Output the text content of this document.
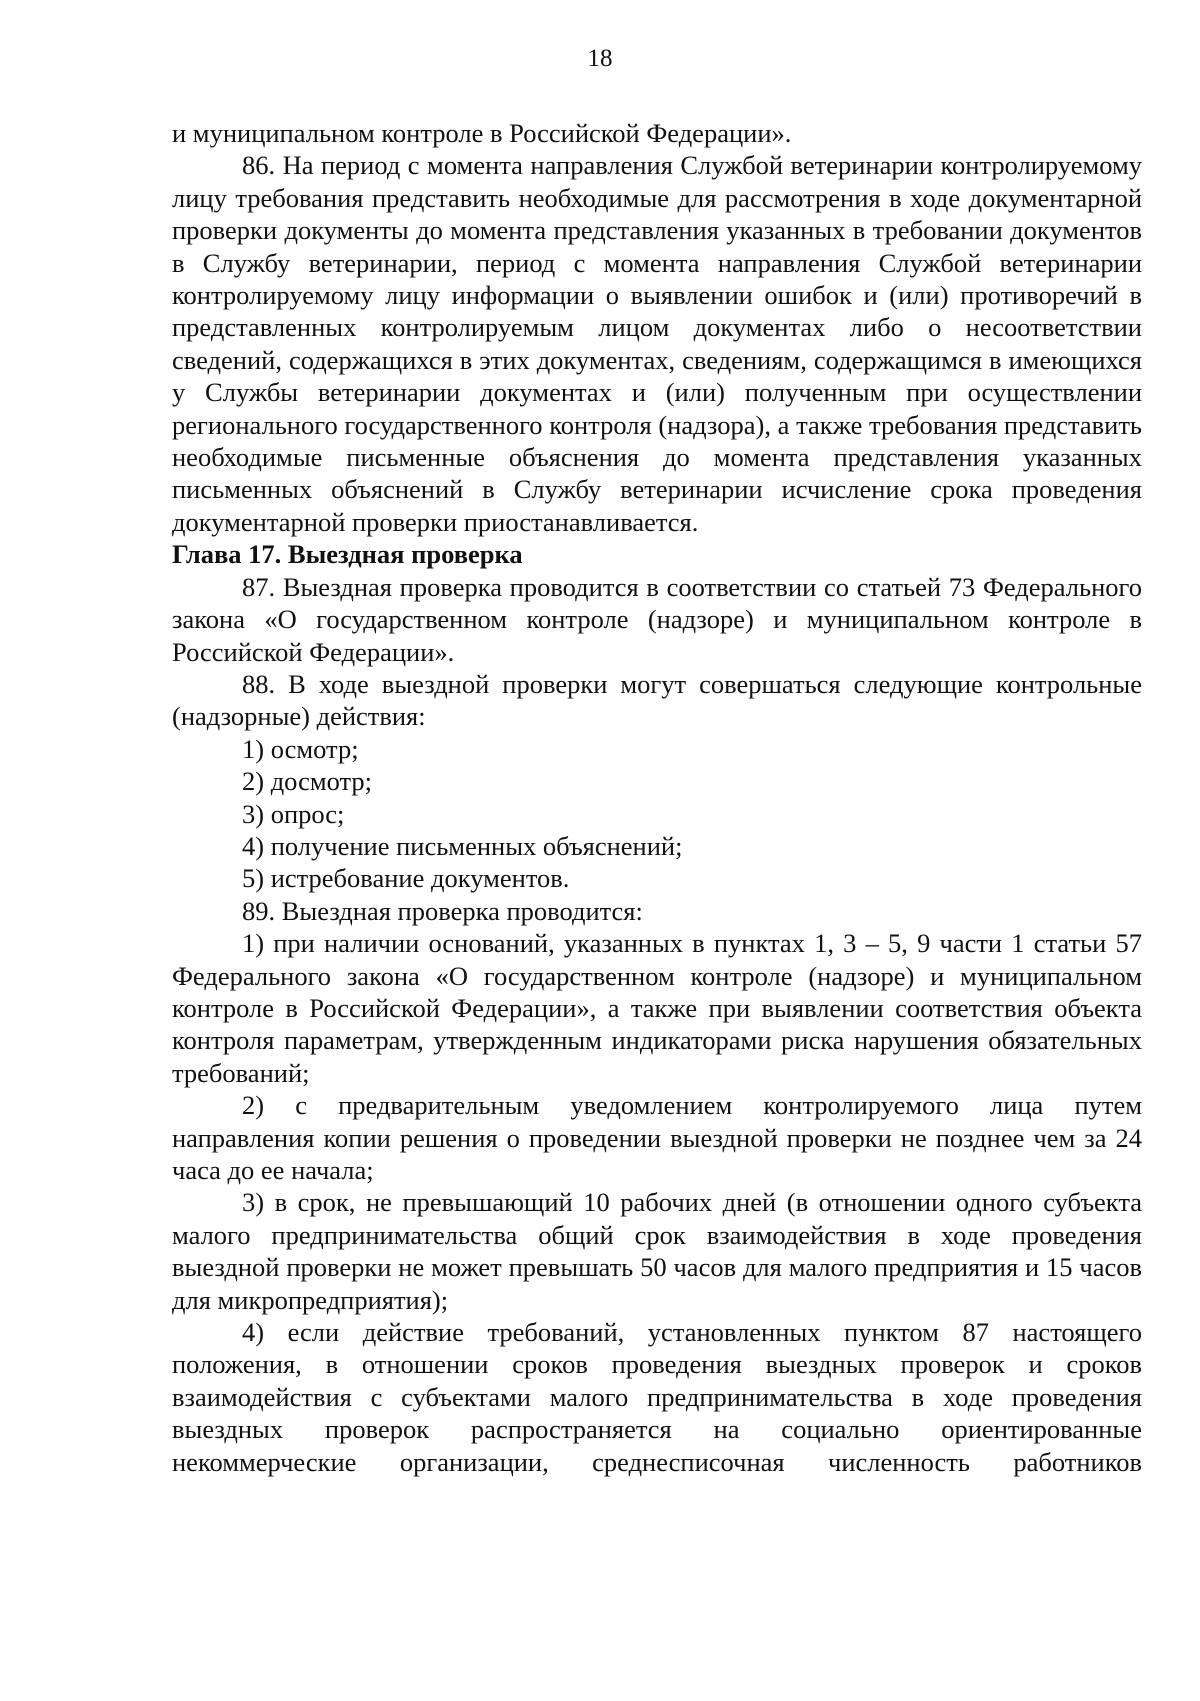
18

и муниципальном контроле в Российской Федерации».

86. На период с момента направления Службой ветеринарии контролируемому лицу требования представить необходимые для рассмотрения в ходе документарной проверки документы до момента представления указанных в требовании документов в Службу ветеринарии, период с момента направления Службой ветеринарии контролируемому лицу информации о выявлении ошибок и (или) противоречий в представленных контролируемым лицом документах либо о несоответствии сведений, содержащихся в этих документах, сведениям, содержащимся в имеющихся у Службы ветеринарии документах и (или) полученным при осуществлении регионального государственного контроля (надзора), а также требования представить необходимые письменные объяснения до момента представления указанных письменных объяснений в Службу ветеринарии исчисление срока проведения документарной проверки приостанавливается.

Глава 17. Выездная проверка

87. Выездная проверка проводится в соответствии со статьей 73 Федерального закона «О государственном контроле (надзоре) и муниципальном контроле в Российской Федерации».

88. В ходе выездной проверки могут совершаться следующие контрольные (надзорные) действия:

1) осмотр;

2) досмотр;

3) опрос;

4) получение письменных объяснений;

5) истребование документов.

89. Выездная проверка проводится:

1) при наличии оснований, указанных в пунктах 1, 3 – 5, 9 части 1 статьи 57 Федерального закона «О государственном контроле (надзоре) и муниципальном контроле в Российской Федерации», а также при выявлении соответствия объекта контроля параметрам, утвержденным индикаторами риска нарушения обязательных требований;

2) с предварительным уведомлением контролируемого лица путем направления копии решения о проведении выездной проверки не позднее чем за 24 часа до ее начала;

3) в срок, не превышающий 10 рабочих дней (в отношении одного субъекта малого предпринимательства общий срок взаимодействия в ходе проведения выездной проверки не может превышать 50 часов для малого предприятия и 15 часов для микропредприятия);

4) если действие требований, установленных пунктом 87 настоящего положения, в отношении сроков проведения выездных проверок и сроков взаимодействия с субъектами малого предпринимательства в ходе проведения выездных проверок распространяется на социально ориентированные некоммерческие организации, среднесписочная численность работников
